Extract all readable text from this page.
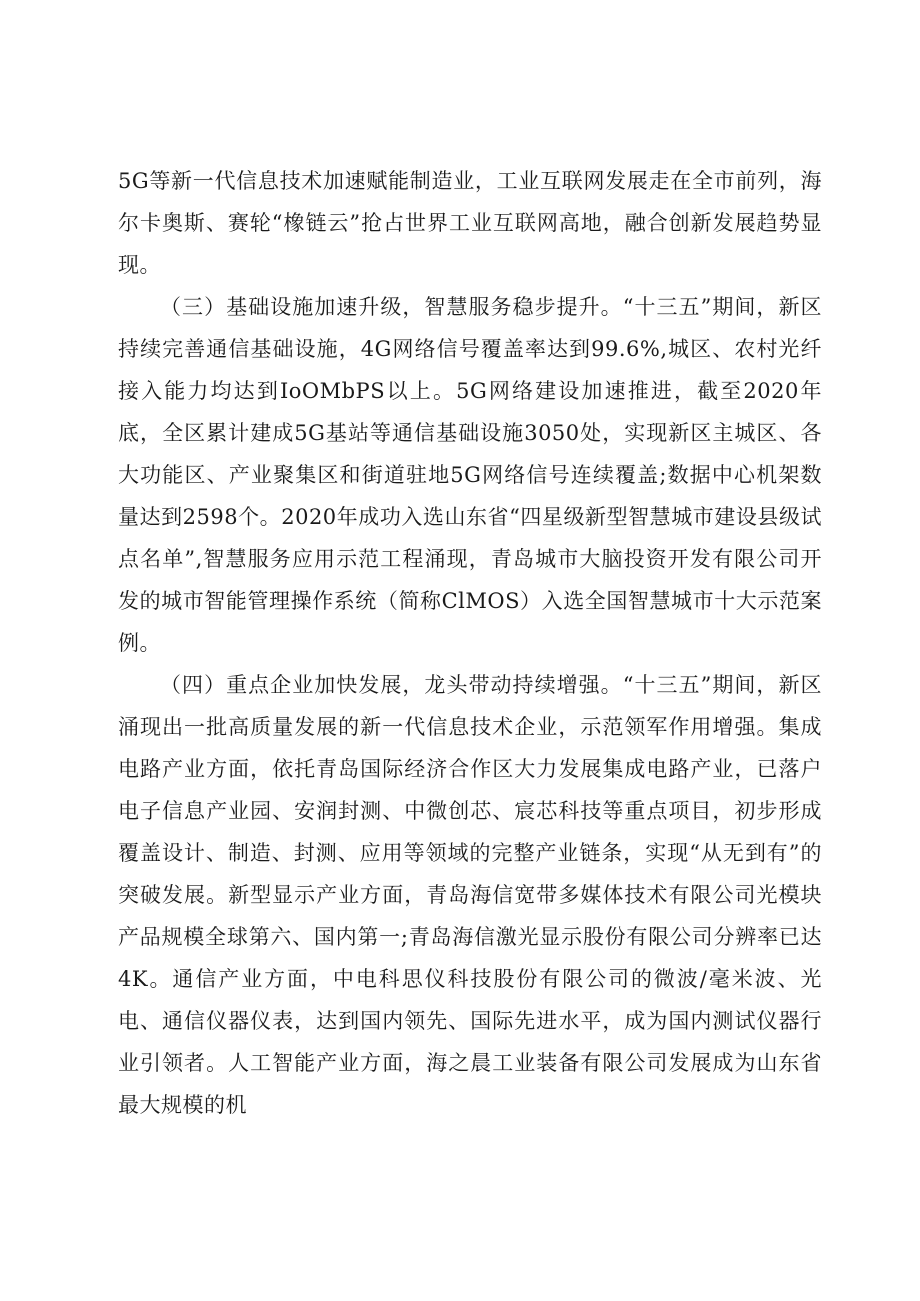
5G等新一代信息技术加速赋能制造业，工业互联网发展走在全市前列，海尔卡奥斯、赛轮“橡链云”抢占世界工业互联网高地，融合创新发展趋势显现。

（三）基础设施加速升级，智慧服务稳步提升。“十三五”期间，新区持续完善通信基础设施，4G网络信号覆盖率达到99.6%,城区、农村光纤接入能力均达到IoOMbPS以上。5G网络建设加速推进，截至2020年底，全区累计建成5G基站等通信基础设施3050处，实现新区主城区、各大功能区、产业聚集区和街道驻地5G网络信号连续覆盖;数据中心机架数量达到2598个。2020年成功入选山东省“四星级新型智慧城市建设县级试点名单”,智慧服务应用示范工程涌现，青岛城市大脑投资开发有限公司开发的城市智能管理操作系统（简称ClMOS）入选全国智慧城市十大示范案例。

（四）重点企业加快发展，龙头带动持续增强。“十三五”期间，新区涌现出一批高质量发展的新一代信息技术企业，示范领军作用增强。集成电路产业方面，依托青岛国际经济合作区大力发展集成电路产业，已落户电子信息产业园、安润封测、中微创芯、宸芯科技等重点项目，初步形成覆盖设计、制造、封测、应用等领域的完整产业链条，实现“从无到有”的突破发展。新型显示产业方面，青岛海信宽带多媒体技术有限公司光模块产品规模全球第六、国内第一;青岛海信激光显示股份有限公司分辨率已达4K。通信产业方面，中电科思仪科技股份有限公司的微波/毫米波、光电、通信仪器仪表，达到国内领先、国际先进水平，成为国内测试仪器行业引领者。人工智能产业方面，海之晨工业装备有限公司发展成为山东省最大规模的机
